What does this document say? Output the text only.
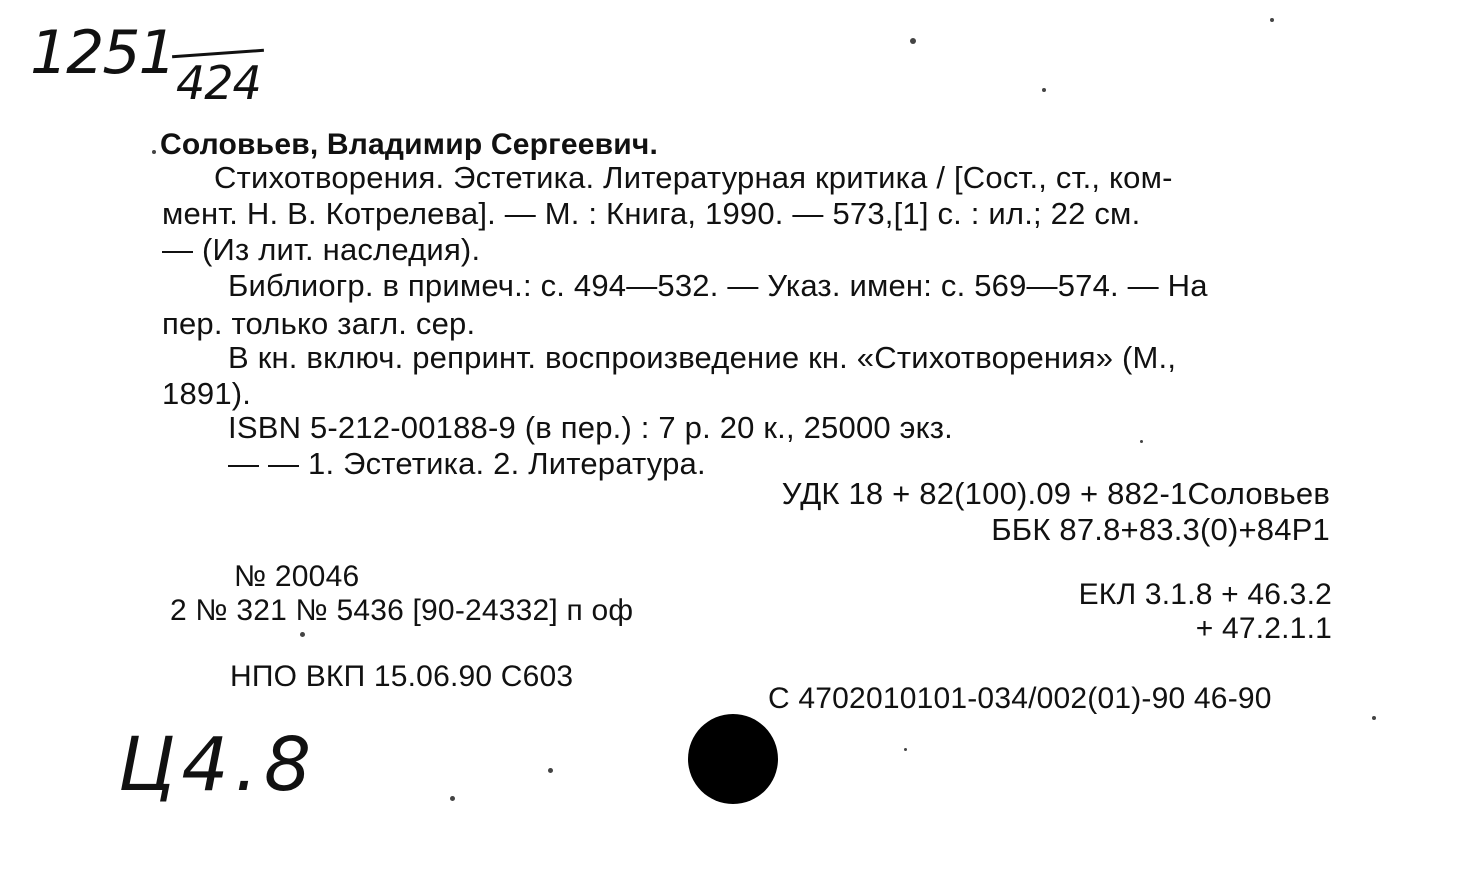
1251 424
Соловьев, Владимир Сергеевич.
Стихотворения. Эстетика. Литературная критика / [Сост., ст., ком-
мент. Н. В. Котрелева]. — М. : Книга, 1990. — 573,[1] с. : ил.; 22 см.
— (Из лит. наследия).
Библиогр. в примеч.: с. 494—532. — Указ. имен: с. 569—574. — На
пер. только загл. сер.
В кн. включ. репринт. воспроизведение кн. «Стихотворения» (М.,
1891).
ISBN 5-212-00188-9 (в пер.) : 7 р. 20 к., 25000 экз.
— — 1. Эстетика. 2. Литература.
УДК 18 + 82(100).09 + 882-1Соловьев
ББК 87.8+83.3(0)+84Р1
№ 20046
2 № 321 № 5436 [90-24332] п оф	ЕКЛ 3.1.8 + 46.3.2
+ 47.2.1.1
НПО ВКП 15.06.90 С603
С 4702010101-034/002(01)-90 46-90
Ц4.8
